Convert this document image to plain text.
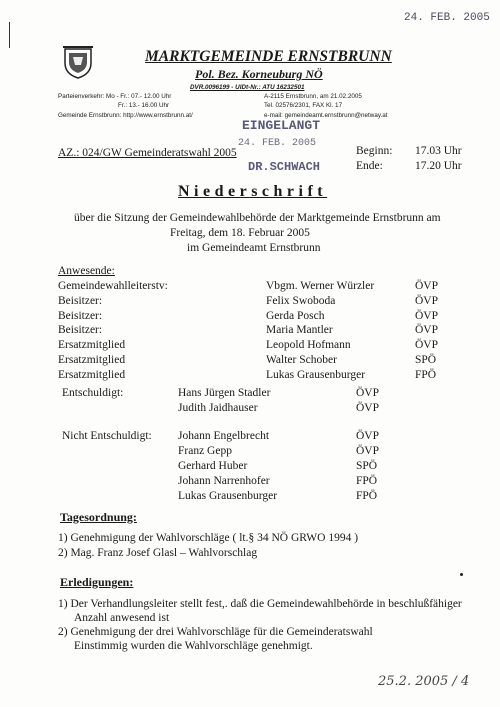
24. FEB. 2005
MARKTGEMEINDE ERNSTBRUNN
Pol. Bez. Korneuburg NÖ
DVR.0096199 - UIDt-Nr.: ATU 16232501
Parteienverkehr: Mo - Fr.: 07.- 12.00 Uhr
Fr.: 13.- 16.00 Uhr
Gemeinde Ernstbrunn: http://www.ernstbrunn.at/
A-2115 Ernstbrunn, am 21.02.2005
Tel. 02576/2301, FAX Kl. 17
e-mail: gemeindeamt.ernstbrunn@netway.at
EINGELANGT
24. FEB. 2005
DR.SCHWACH
AZ.: 024/GW Gemeinderatswahl 2005	Beginn: 17.03 Uhr
Ende:	17.20 Uhr
Niederschrift
über die Sitzung der Gemeindewahlbehörde der Marktgemeinde Ernstbrunn am
Freitag, dem 18. Februar 2005
im Gemeindeamt Ernstbrunn
Anwesende:
Gemeindewahlleiterstv:	Vbgm. Werner Würzler	ÖVP
Beisitzer:	Felix Swoboda	ÖVP
Beisitzer:	Gerda Posch	ÖVP
Beisitzer:	Maria Mantler	ÖVP
Ersatzmitglied	Leopold Hofmann	ÖVP
Ersatzmitglied	Walter Schober	SPÖ
Ersatzmitglied	Lukas Grausenburger	FPÖ
Entschuldigt:	Hans Jürgen Stadler	ÖVP
Judith Jaidhauser	ÖVP
Nicht Entschuldigt: Johann Engelbrecht	ÖVP
Franz Gepp	ÖVP
Gerhard Huber	SPÖ
Johann Narrenhofer	FPÖ
Lukas Grausenburger	FPÖ
Tagesordnung:
1) Genehmigung der Wahlvorschläge ( lt.§ 34 NÖ GRWO 1994 )
2) Mag. Franz Josef Glasl – Wahlvorschlag
Erledigungen:
1) Der Verhandlungsleiter stellt fest,. daß die Gemeindewahlbehörde in beschlußfähiger
Anzahl anwesend ist
2) Genehmigung der drei Wahlvorschläge für die Gemeinderatswahl
Einstimmig wurden die Wahlvorschläge genehmigt.
25.2. 2005 / 4
